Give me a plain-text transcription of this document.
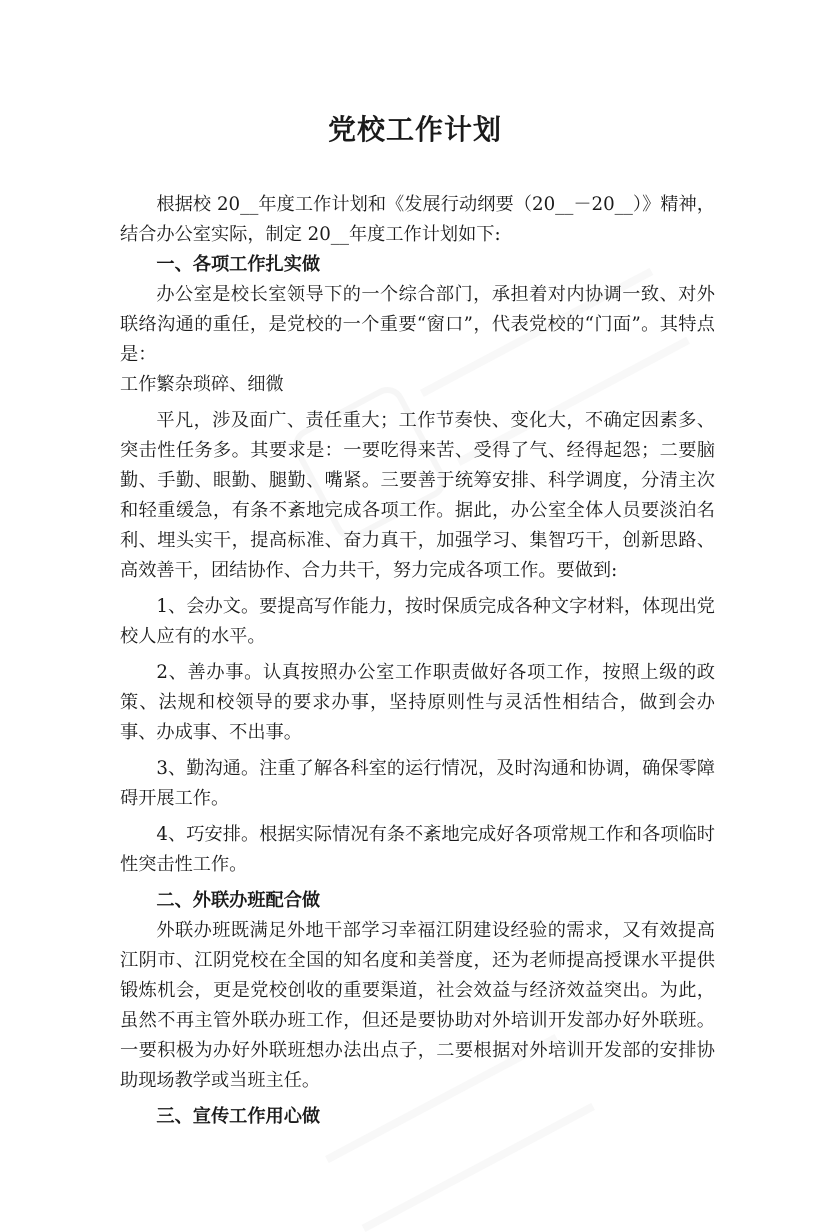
党校工作计划

根据校 20__年度工作计划和《发展行动纲要（20__－20__）》精神，结合办公室实际，制定 20__年度工作计划如下:

一、各项工作扎实做

办公室是校长室领导下的一个综合部门，承担着对内协调一致、对外联络沟通的重任，是党校的一个重要“窗口”，代表党校的“门面”。其特点是：

工作繁杂琐碎、细微

平凡，涉及面广、责任重大；工作节奏快、变化大，不确定因素多、突击性任务多。其要求是：一要吃得来苦、受得了气、经得起怨；二要脑勤、手勤、眼勤、腿勤、嘴紧。三要善于统筹安排、科学调度，分清主次和轻重缓急，有条不紊地完成各项工作。据此，办公室全体人员要淡泊名利、埋头实干，提高标准、奋力真干，加强学习、集智巧干，创新思路、高效善干，团结协作、合力共干，努力完成各项工作。要做到:

1、会办文。要提高写作能力，按时保质完成各种文字材料，体现出党校人应有的水平。

2、善办事。认真按照办公室工作职责做好各项工作，按照上级的政策、法规和校领导的要求办事，坚持原则性与灵活性相结合，做到会办事、办成事、不出事。

3、勤沟通。注重了解各科室的运行情况，及时沟通和协调，确保零障碍开展工作。

4、巧安排。根据实际情况有条不紊地完成好各项常规工作和各项临时性突击性工作。

二、外联办班配合做

外联办班既满足外地干部学习幸福江阴建设经验的需求，又有效提高江阴市、江阴党校在全国的知名度和美誉度，还为老师提高授课水平提供锻炼机会，更是党校创收的重要渠道，社会效益与经济效益突出。为此，虽然不再主管外联办班工作，但还是要协助对外培训开发部办好外联班。一要积极为办好外联班想办法出点子，二要根据对外培训开发部的安排协助现场教学或当班主任。

三、宣传工作用心做
